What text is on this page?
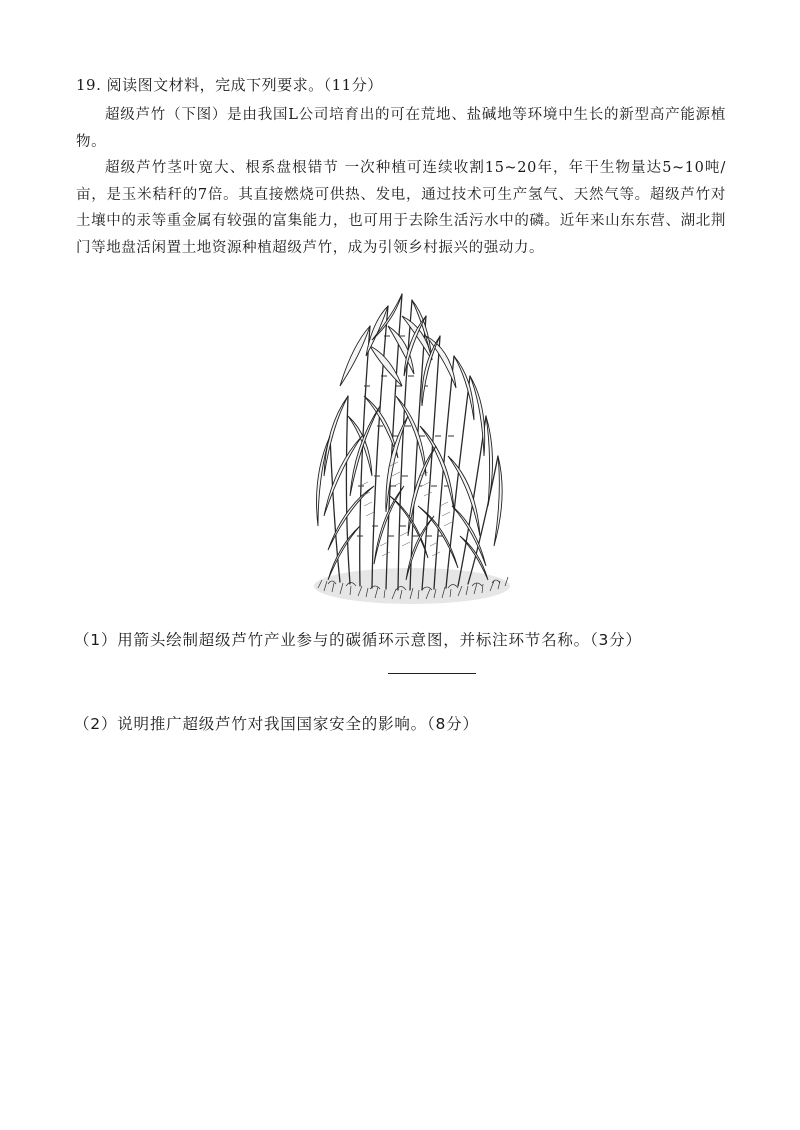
19. 阅读图文材料，完成下列要求。（11分）
超级芦竹（下图）是由我国L公司培育出的可在荒地、盐碱地等环境中生长的新型高产能源植物。
超级芦竹茎叶宽大、根系盘根错节 一次种植可连续收割15~20年，年干生物量达5~10吨/亩，是玉米秸秆的7倍。其直接燃烧可供热、发电，通过技术可生产氢气、天然气等。超级芦竹对土壤中的汞等重金属有较强的富集能力，也可用于去除生活污水中的磷。近年来山东东营、湖北荆门等地盘活闲置土地资源种植超级芦竹，成为引领乡村振兴的强动力。
（1）用箭头绘制超级芦竹产业参与的碳循环示意图，并标注环节名称。（3分）
（2）说明推广超级芦竹对我国国家安全的影响。（8分）
